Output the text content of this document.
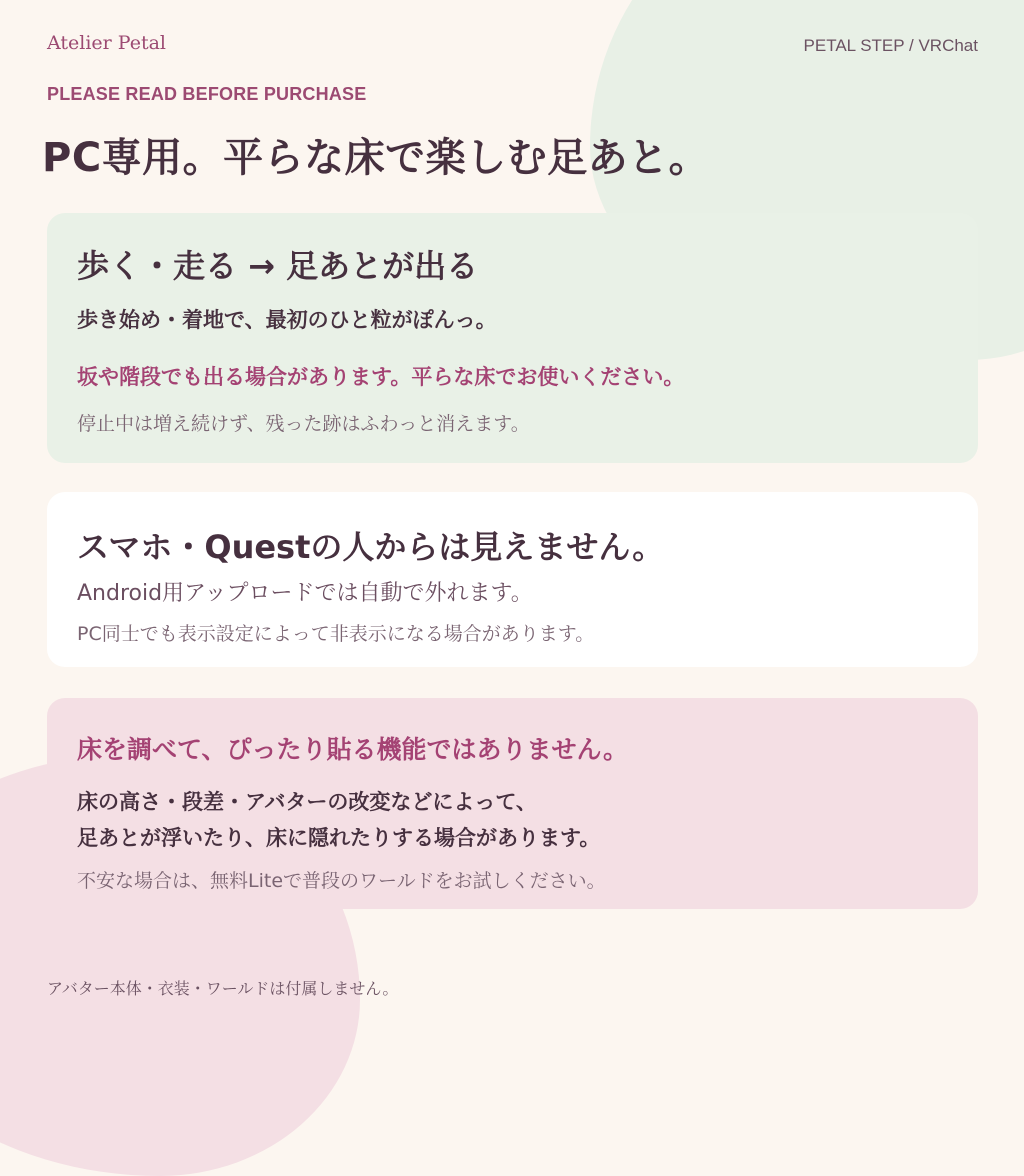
Atelier Petal	PETAL STEP / VRChat
PLEASE READ BEFORE PURCHASE
PC専用。平らな床で楽しむ足あと。

歩く・走る → 足あとが出る

歩き始め・着地で、最初のひと粒がぽんっ。

坂や階段でも出る場合があります。平らな床でお使いください。

停止中は増え続けず、残った跡はふわっと消えます。

スマホ・Questの人からは見えません。

Android用アップロードでは自動で外れます。

PC同士でも表示設定によって非表示になる場合があります。

床を調べて、ぴったり貼る機能ではありません。

床の高さ・段差・アバターの改変などによって、

足あとが浮いたり、床に隠れたりする場合があります。

不安な場合は、無料Liteで普段のワールドをお試しください。

アバター本体・衣装・ワールドは付属しません。
